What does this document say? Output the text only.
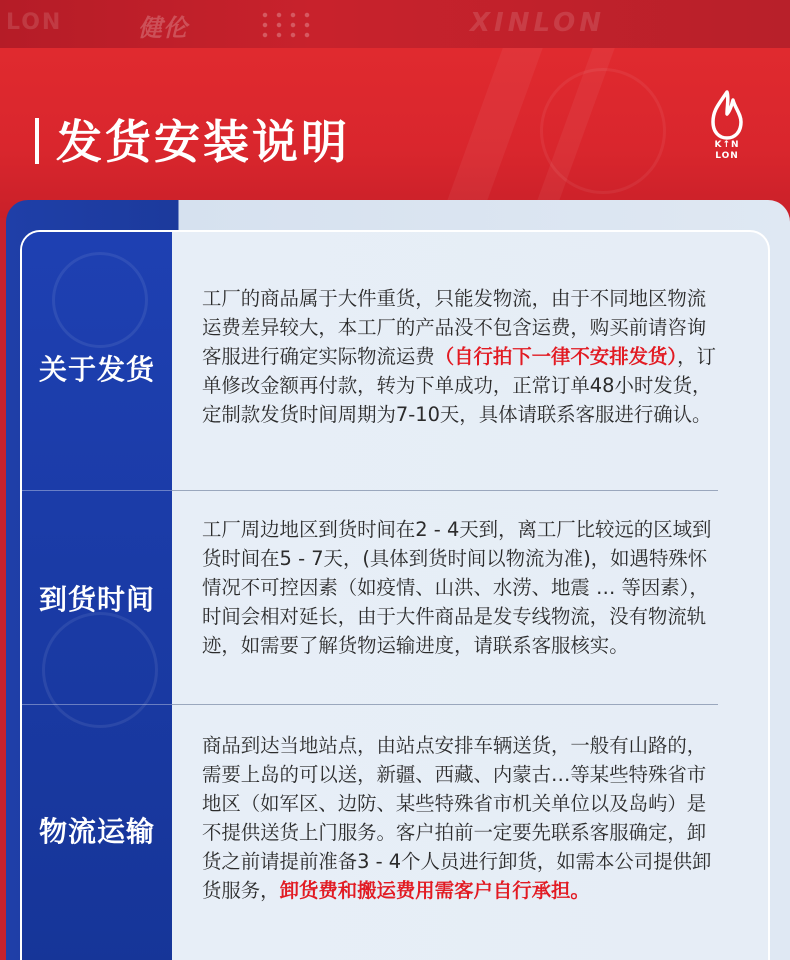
LON	健伦	XINLON
发货安装说明	K↑N
LON
关于发货
工厂的商品属于大件重货，只能发物流，由于不同地区物流运费差异较大，本工厂的产品没不包含运费，购买前请咨询客服进行确定实际物流运费（自行拍下一律不安排发货），订单修改金额再付款，转为下单成功，正常订单48小时发货，定制款发货时间周期为7-10天，具体请联系客服进行确认。
到货时间
工厂周边地区到货时间在2 - 4天到，离工厂比较远的区域到货时间在5 - 7天，(具体到货时间以物流为准)，如遇特殊怀情况不可控因素（如疫情、山洪、水涝、地震 … 等因素），时间会相对延长，由于大件商品是发专线物流，没有物流轨迹，如需要了解货物运输进度，请联系客服核实。
物流运输
商品到达当地站点，由站点安排车辆送货，一般有山路的，需要上岛的可以送，新疆、西藏、内蒙古…等某些特殊省市地区（如军区、边防、某些特殊省市机关单位以及岛屿）是不提供送货上门服务。客户拍前一定要先联系客服确定，卸货之前请提前准备3 - 4个人员进行卸货，如需本公司提供卸货服务，卸货费和搬运费用需客户自行承担。
